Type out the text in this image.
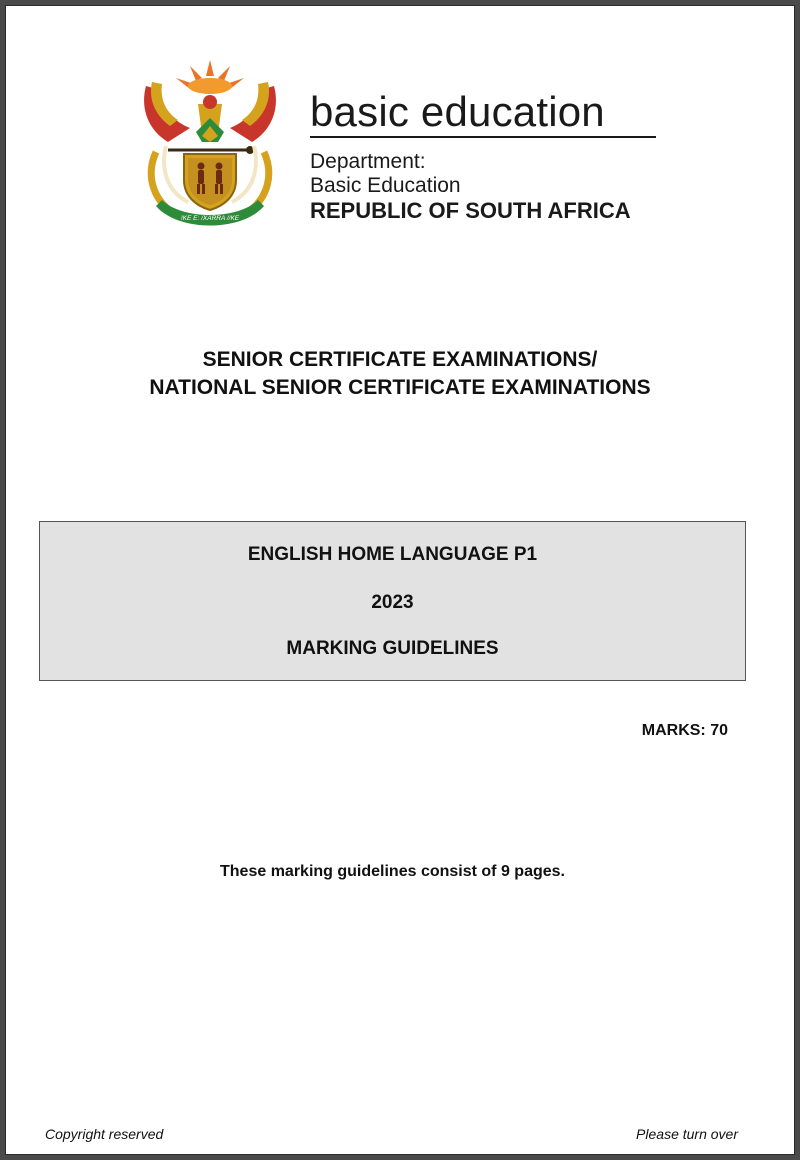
!KE E: /XARRA //KE
basic education
Department:
Basic Education
REPUBLIC OF SOUTH AFRICA
SENIOR CERTIFICATE EXAMINATIONS/
NATIONAL SENIOR CERTIFICATE EXAMINATIONS
ENGLISH HOME LANGUAGE P1
2023
MARKING GUIDELINES
MARKS: 70
These marking guidelines consist of 9 pages.
Copyright reserved	Please turn over
